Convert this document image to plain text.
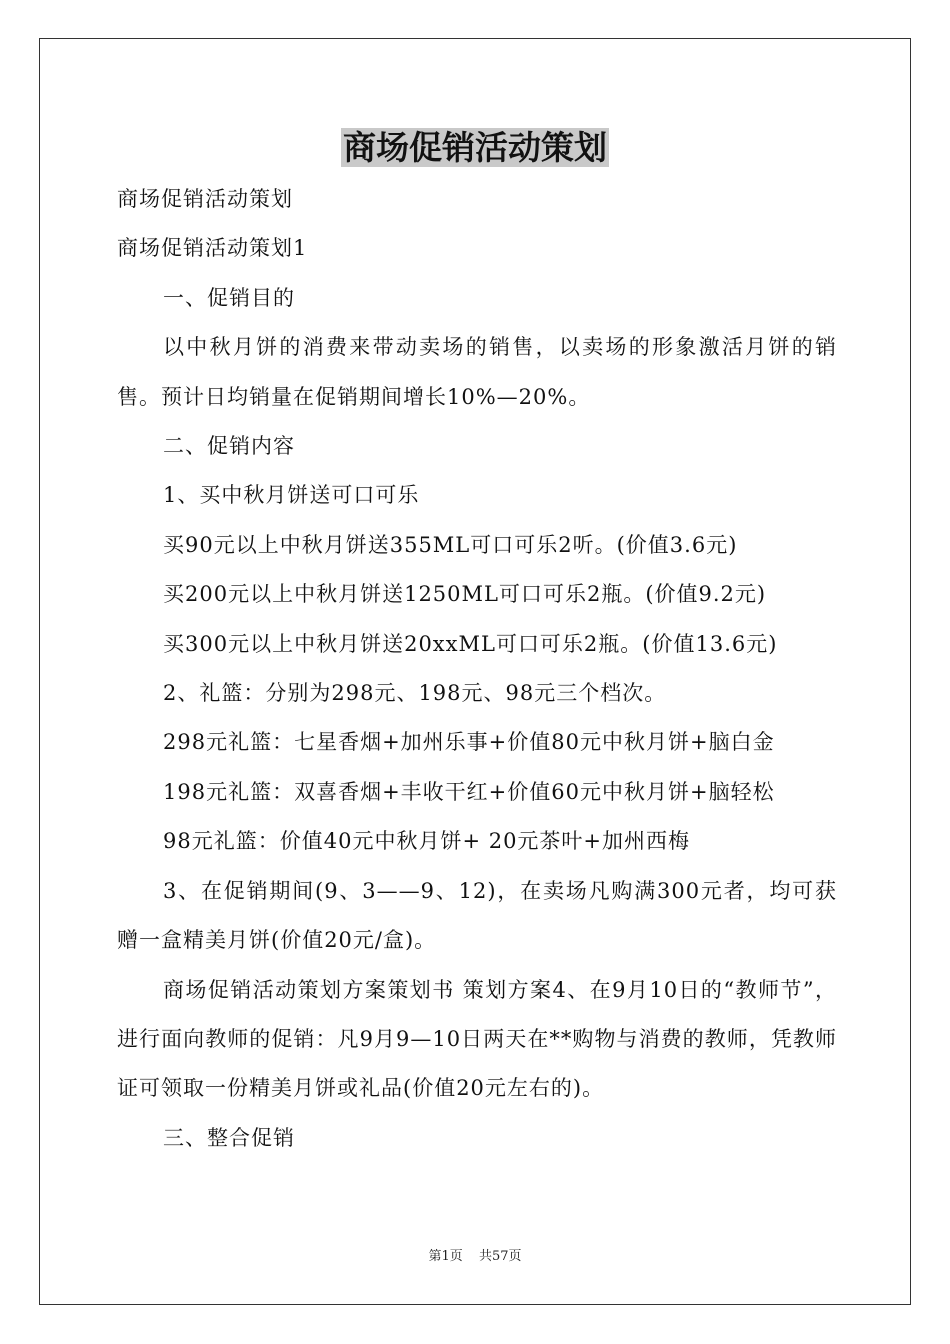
商场促销活动策划

商场促销活动策划

商场促销活动策划1

一、促销目的

以中秋月饼的消费来带动卖场的销售，以卖场的形象激活月饼的销售。预计日均销量在促销期间增长10%—20%。

二、促销内容

1、买中秋月饼送可口可乐

买90元以上中秋月饼送355ML可口可乐2听。(价值3.6元)

买200元以上中秋月饼送1250ML可口可乐2瓶。(价值9.2元)

买300元以上中秋月饼送20xxML可口可乐2瓶。(价值13.6元)

2、礼篮：分别为298元、198元、98元三个档次。

298元礼篮：七星香烟+加州乐事+价值80元中秋月饼+脑白金

198元礼篮：双喜香烟+丰收干红+价值60元中秋月饼+脑轻松

98元礼篮：价值40元中秋月饼+ 20元茶叶+加州西梅

3、在促销期间(9、3——9、12)，在卖场凡购满300元者，均可获赠一盒精美月饼(价值20元/盒)。

商场促销活动策划方案策划书 策划方案4、在9月10日的“教师节”，进行面向教师的促销：凡9月9—10日两天在**购物与消费的教师，凭教师证可领取一份精美月饼或礼品(价值20元左右的)。

三、整合促销

第1页 共57页
